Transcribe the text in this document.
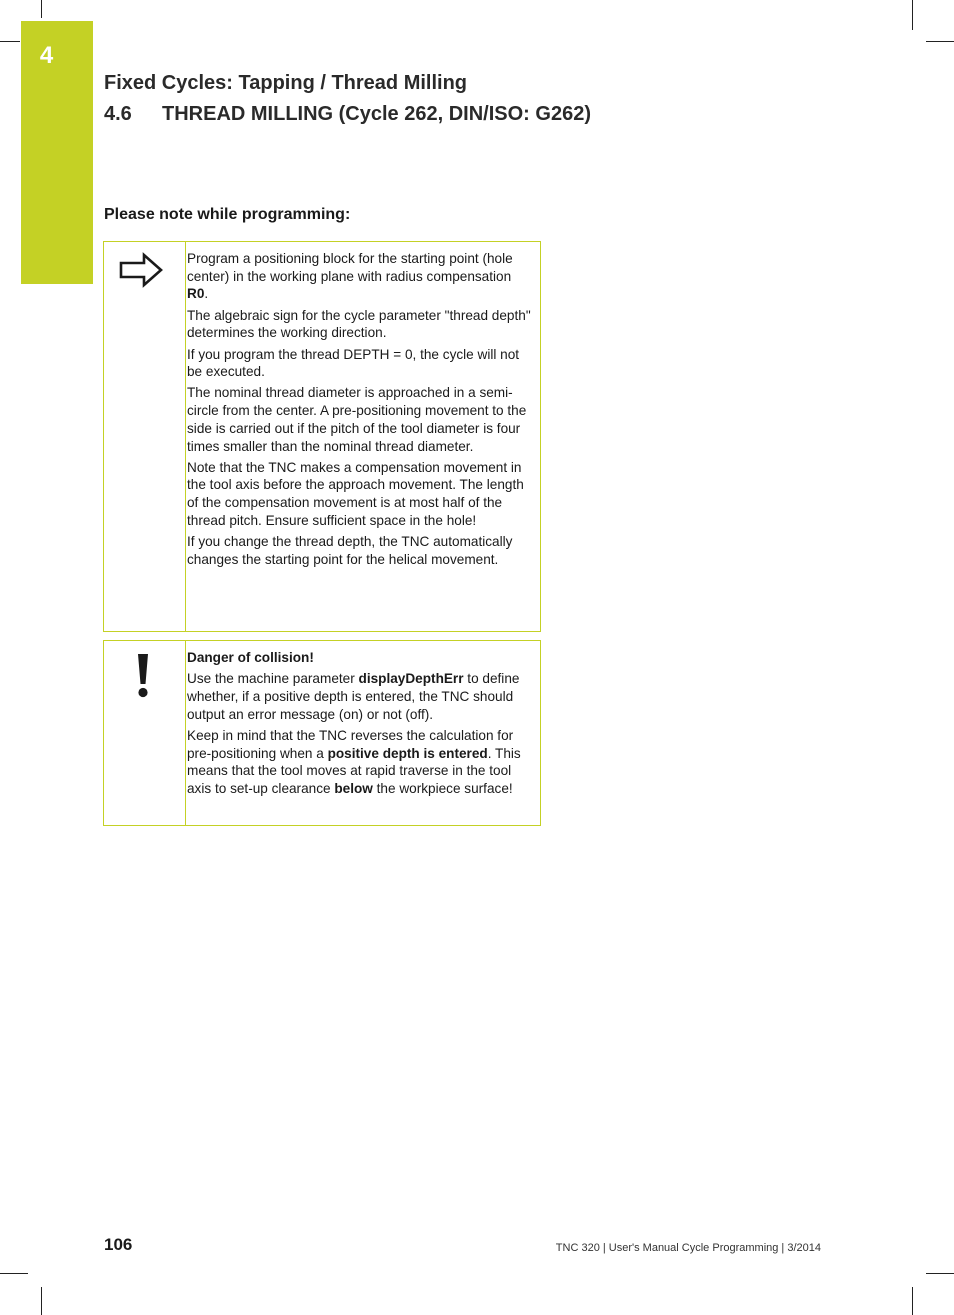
4
Fixed Cycles: Tapping / Thread Milling
4.6 THREAD MILLING (Cycle 262, DIN/ISO: G262)
Please note while programming:

Program a positioning block for the starting point (hole center) in the working plane with radius compensation R0.

The algebraic sign for the cycle parameter "thread depth" determines the working direction.

If you program the thread DEPTH = 0, the cycle will not be executed.

The nominal thread diameter is approached in a semi-circle from the center. A pre-positioning movement to the side is carried out if the pitch of the tool diameter is four times smaller than the nominal thread diameter.

Note that the TNC makes a compensation movement in the tool axis before the approach movement. The length of the compensation movement is at most half of the thread pitch. Ensure sufficient space in the hole!

If you change the thread depth, the TNC automatically changes the starting point for the helical movement.

Danger of collision!

Use the machine parameter displayDepthErr to define whether, if a positive depth is entered, the TNC should output an error message (on) or not (off).

Keep in mind that the TNC reverses the calculation for pre-positioning when a positive depth is entered. This means that the tool moves at rapid traverse in the tool axis to set-up clearance below the workpiece surface!

106	TNC 320 | User's Manual Cycle Programming | 3/2014
